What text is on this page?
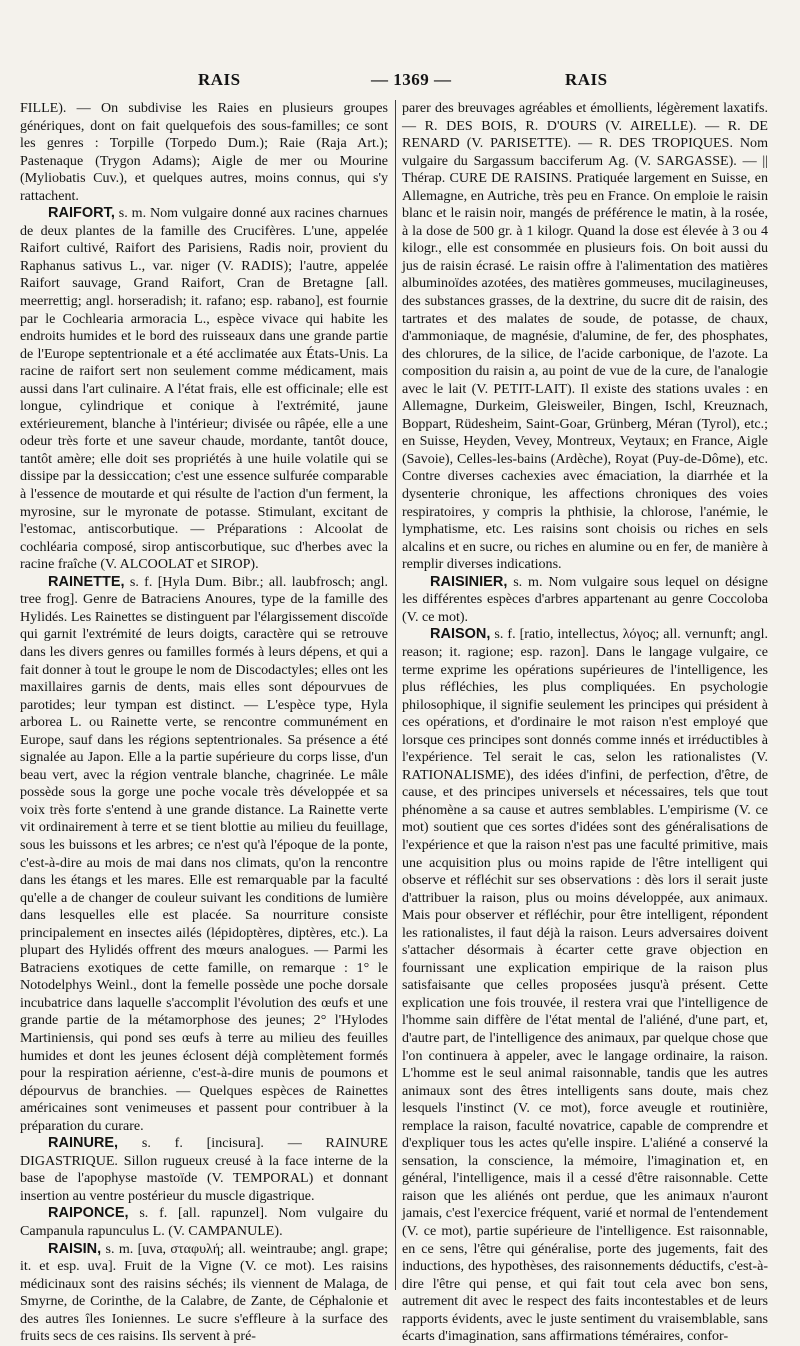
RAIS	— 1369 —	RAIS

FILLE). — On subdivise les Raies en plusieurs groupes génériques, dont on fait quelquefois des sous-familles; ce sont les genres : Torpille (Torpedo Dum.); Raie (Raja Art.); Pastenaque (Trygon Adams); Aigle de mer ou Mourine (Myliobatis Cuv.), et quelques autres, moins connus, qui s'y rattachent.

RAIFORT, s. m. Nom vulgaire donné aux racines charnues de deux plantes de la famille des Crucifères. L'une, appelée Raifort cultivé, Raifort des Parisiens, Radis noir, provient du Raphanus sativus L., var. niger (V. RADIS); l'autre, appelée Raifort sauvage, Grand Raifort, Cran de Bretagne [all. meerrettig; angl. horseradish; it. rafano; esp. rabano], est fournie par le Cochlearia armoracia L., espèce vivace qui habite les endroits humides et le bord des ruisseaux dans une grande partie de l'Europe septentrionale et a été acclimatée aux États-Unis. La racine de raifort sert non seulement comme médicament, mais aussi dans l'art culinaire. A l'état frais, elle est officinale; elle est longue, cylindrique et conique à l'extrémité, jaune extérieurement, blanche à l'intérieur; divisée ou râpée, elle a une odeur très forte et une saveur chaude, mordante, tantôt douce, tantôt amère; elle doit ses propriétés à une huile volatile qui se dissipe par la dessiccation; c'est une essence sulfurée comparable à l'essence de moutarde et qui résulte de l'action d'un ferment, la myrosine, sur le myronate de potasse. Stimulant, excitant de l'estomac, antiscorbutique. — Préparations : Alcoolat de cochléaria composé, sirop antiscorbutique, suc d'herbes avec la racine fraîche (V. ALCOOLAT et SIROP).

RAINETTE, s. f. [Hyla Dum. Bibr.; all. laubfrosch; angl. tree frog]. Genre de Batraciens Anoures, type de la famille des Hylidés. Les Rainettes se distinguent par l'élargissement discoïde qui garnit l'extrémité de leurs doigts, caractère qui se retrouve dans les divers genres ou familles formés à leurs dépens, et qui a fait donner à tout le groupe le nom de Discodactyles; elles ont les maxillaires garnis de dents, mais elles sont dépourvues de parotides; leur tympan est distinct. — L'espèce type, Hyla arborea L. ou Rainette verte, se rencontre communément en Europe, sauf dans les régions septentrionales. Sa présence a été signalée au Japon. Elle a la partie supérieure du corps lisse, d'un beau vert, avec la région ventrale blanche, chagrinée. Le mâle possède sous la gorge une poche vocale très développée et sa voix très forte s'entend à une grande distance. La Rainette verte vit ordinairement à terre et se tient blottie au milieu du feuillage, sous les buissons et les arbres; ce n'est qu'à l'époque de la ponte, c'est-à-dire au mois de mai dans nos climats, qu'on la rencontre dans les étangs et les mares. Elle est remarquable par la faculté qu'elle a de changer de couleur suivant les conditions de lumière dans lesquelles elle est placée. Sa nourriture consiste principalement en insectes ailés (lépidoptères, diptères, etc.). La plupart des Hylidés offrent des mœurs analogues. — Parmi les Batraciens exotiques de cette famille, on remarque : 1° le Notodelphys Weinl., dont la femelle possède une poche dorsale incubatrice dans laquelle s'accomplit l'évolution des œufs et une grande partie de la métamorphose des jeunes; 2° l'Hylodes Martiniensis, qui pond ses œufs à terre au milieu des feuilles humides et dont les jeunes éclosent déjà complètement formés pour la respiration aérienne, c'est-à-dire munis de poumons et dépourvus de branchies. — Quelques espèces de Rainettes américaines sont venimeuses et passent pour contribuer à la préparation du curare.

RAINURE, s. f. [incisura]. — RAINURE DIGASTRIQUE. Sillon rugueux creusé à la face interne de la base de l'apophyse mastoïde (V. TEMPORAL) et donnant insertion au ventre postérieur du muscle digastrique.

RAIPONCE, s. f. [all. rapunzel]. Nom vulgaire du Campanula rapunculus L. (V. CAMPANULE).

RAISIN, s. m. [uva, σταφυλή; all. weintraube; angl. grape; it. et esp. uva]. Fruit de la Vigne (V. ce mot). Les raisins médicinaux sont des raisins séchés; ils viennent de Malaga, de Smyrne, de Corinthe, de la Calabre, de Zante, de Céphalonie et des autres îles Ioniennes. Le sucre s'effleure à la surface des fruits secs de ces raisins. Ils servent à pré-

parer des breuvages agréables et émollients, légèrement laxatifs. — R. DES BOIS, R. D'OURS (V. AIRELLE). — R. DE RENARD (V. PARISETTE). — R. DES TROPIQUES. Nom vulgaire du Sargassum bacciferum Ag. (V. SARGASSE). — || Thérap. CURE DE RAISINS. Pratiquée largement en Suisse, en Allemagne, en Autriche, très peu en France. On emploie le raisin blanc et le raisin noir, mangés de préférence le matin, à la rosée, à la dose de 500 gr. à 1 kilogr. Quand la dose est élevée à 3 ou 4 kilogr., elle est consommée en plusieurs fois. On boit aussi du jus de raisin écrasé. Le raisin offre à l'alimentation des matières albuminoïdes azotées, des matières gommeuses, mucilagineuses, des substances grasses, de la dextrine, du sucre dit de raisin, des tartrates et des malates de soude, de potasse, de chaux, d'ammoniaque, de magnésie, d'alumine, de fer, des phosphates, des chlorures, de la silice, de l'acide carbonique, de l'azote. La composition du raisin a, au point de vue de la cure, de l'analogie avec le lait (V. PETIT-LAIT). Il existe des stations uvales : en Allemagne, Durkeim, Gleisweiler, Bingen, Ischl, Kreuznach, Boppart, Rüdesheim, Saint-Goar, Grünberg, Méran (Tyrol), etc.; en Suisse, Heyden, Vevey, Montreux, Veytaux; en France, Aigle (Savoie), Celles-les-bains (Ardèche), Royat (Puy-de-Dôme), etc. Contre diverses cachexies avec émaciation, la diarrhée et la dysenterie chronique, les affections chroniques des voies respiratoires, y compris la phthisie, la chlorose, l'anémie, le lymphatisme, etc. Les raisins sont choisis ou riches en sels alcalins et en sucre, ou riches en alumine ou en fer, de manière à remplir diverses indications.

RAISINIER, s. m. Nom vulgaire sous lequel on désigne les différentes espèces d'arbres appartenant au genre Coccoloba (V. ce mot).

RAISON, s. f. [ratio, intellectus, λόγος; all. vernunft; angl. reason; it. ragione; esp. razon]. Dans le langage vulgaire, ce terme exprime les opérations supérieures de l'intelligence, les plus réfléchies, les plus compliquées. En psychologie philosophique, il signifie seulement les principes qui président à ces opérations, et d'ordinaire le mot raison n'est employé que lorsque ces principes sont donnés comme innés et irréductibles à l'expérience. Tel serait le cas, selon les rationalistes (V. RATIONALISME), des idées d'infini, de perfection, d'être, de cause, et des principes universels et nécessaires, tels que tout phénomène a sa cause et autres semblables. L'empirisme (V. ce mot) soutient que ces sortes d'idées sont des généralisations de l'expérience et que la raison n'est pas une faculté primitive, mais une acquisition plus ou moins rapide de l'être intelligent qui observe et réfléchit sur ses observations : dès lors il serait juste d'attribuer la raison, plus ou moins développée, aux animaux. Mais pour observer et réfléchir, pour être intelligent, répondent les rationalistes, il faut déjà la raison. Leurs adversaires doivent s'attacher désormais à écarter cette grave objection en fournissant une explication empirique de la raison plus satisfaisante que celles proposées jusqu'à présent. Cette explication une fois trouvée, il restera vrai que l'intelligence de l'homme sain diffère de l'état mental de l'aliéné, d'une part, et, d'autre part, de l'intelligence des animaux, par quelque chose que l'on continuera à appeler, avec le langage ordinaire, la raison. L'homme est le seul animal raisonnable, tandis que les autres animaux sont des êtres intelligents sans doute, mais chez lesquels l'instinct (V. ce mot), force aveugle et routinière, remplace la raison, faculté novatrice, capable de comprendre et d'expliquer tous les actes qu'elle inspire. L'aliéné a conservé la sensation, la conscience, la mémoire, l'imagination et, en général, l'intelligence, mais il a cessé d'être raisonnable. Cette raison que les aliénés ont perdue, que les animaux n'auront jamais, c'est l'exercice fréquent, varié et normal de l'entendement (V. ce mot), partie supérieure de l'intelligence. Est raisonnable, en ce sens, l'être qui généralise, porte des jugements, fait des inductions, des hypothèses, des raisonnements déductifs, c'est-à-dire l'être qui pense, et qui fait tout cela avec bon sens, autrement dit avec le respect des faits incontestables et de leurs rapports évidents, avec le juste sentiment du vraisemblable, sans écarts d'imagination, sans affirmations téméraires, confor-
